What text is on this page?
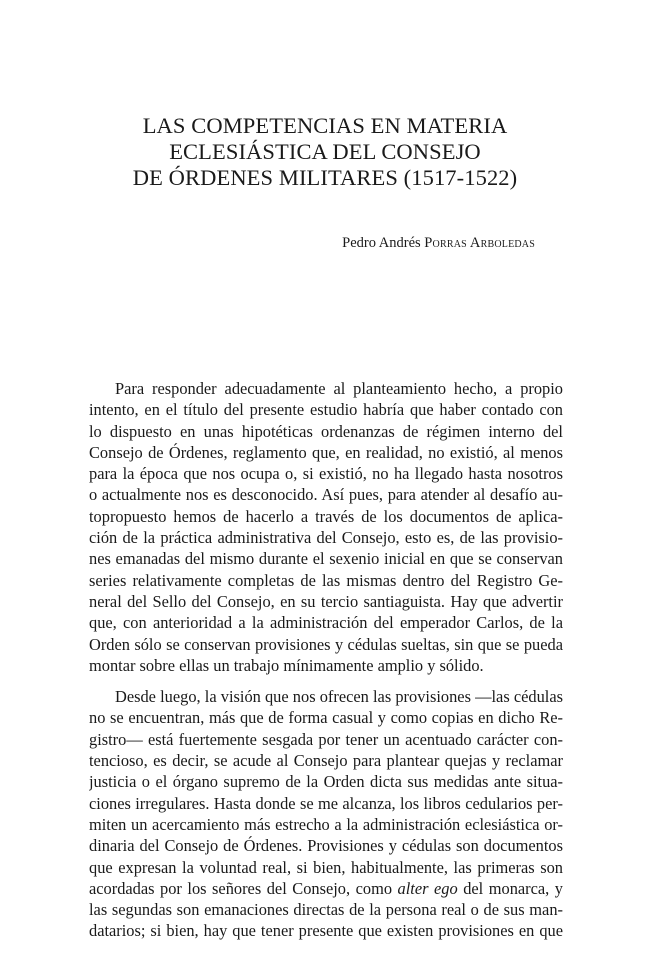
LAS COMPETENCIAS EN MATERIA
ECLESIÁSTICA DEL CONSEJO
DE ÓRDENES MILITARES (1517-1522)
Pedro Andrés Porras Arboledas
Para responder adecuadamente al planteamiento hecho, a propio
intento, en el título del presente estudio habría que haber contado con
lo dispuesto en unas hipotéticas ordenanzas de régimen interno del
Consejo de Órdenes, reglamento que, en realidad, no existió, al menos
para la época que nos ocupa o, si existió, no ha llegado hasta nosotros
o actualmente nos es desconocido. Así pues, para atender al desafío au-
topropuesto hemos de hacerlo a través de los documentos de aplica-
ción de la práctica administrativa del Consejo, esto es, de las provisio-
nes emanadas del mismo durante el sexenio inicial en que se conservan
series relativamente completas de las mismas dentro del Registro Ge-
neral del Sello del Consejo, en su tercio santiaguista. Hay que advertir
que, con anterioridad a la administración del emperador Carlos, de la
Orden sólo se conservan provisiones y cédulas sueltas, sin que se pueda
montar sobre ellas un trabajo mínimamente amplio y sólido.
Desde luego, la visión que nos ofrecen las provisiones —las cédulas
no se encuentran, más que de forma casual y como copias en dicho Re-
gistro— está fuertemente sesgada por tener un acentuado carácter con-
tencioso, es decir, se acude al Consejo para plantear quejas y reclamar
justicia o el órgano supremo de la Orden dicta sus medidas ante situa-
ciones irregulares. Hasta donde se me alcanza, los libros cedularios per-
miten un acercamiento más estrecho a la administración eclesiástica or-
dinaria del Consejo de Órdenes. Provisiones y cédulas son documentos
que expresan la voluntad real, si bien, habitualmente, las primeras son
acordadas por los señores del Consejo, como alter ego del monarca, y
las segundas son emanaciones directas de la persona real o de sus man-
datarios; si bien, hay que tener presente que existen provisiones en que
